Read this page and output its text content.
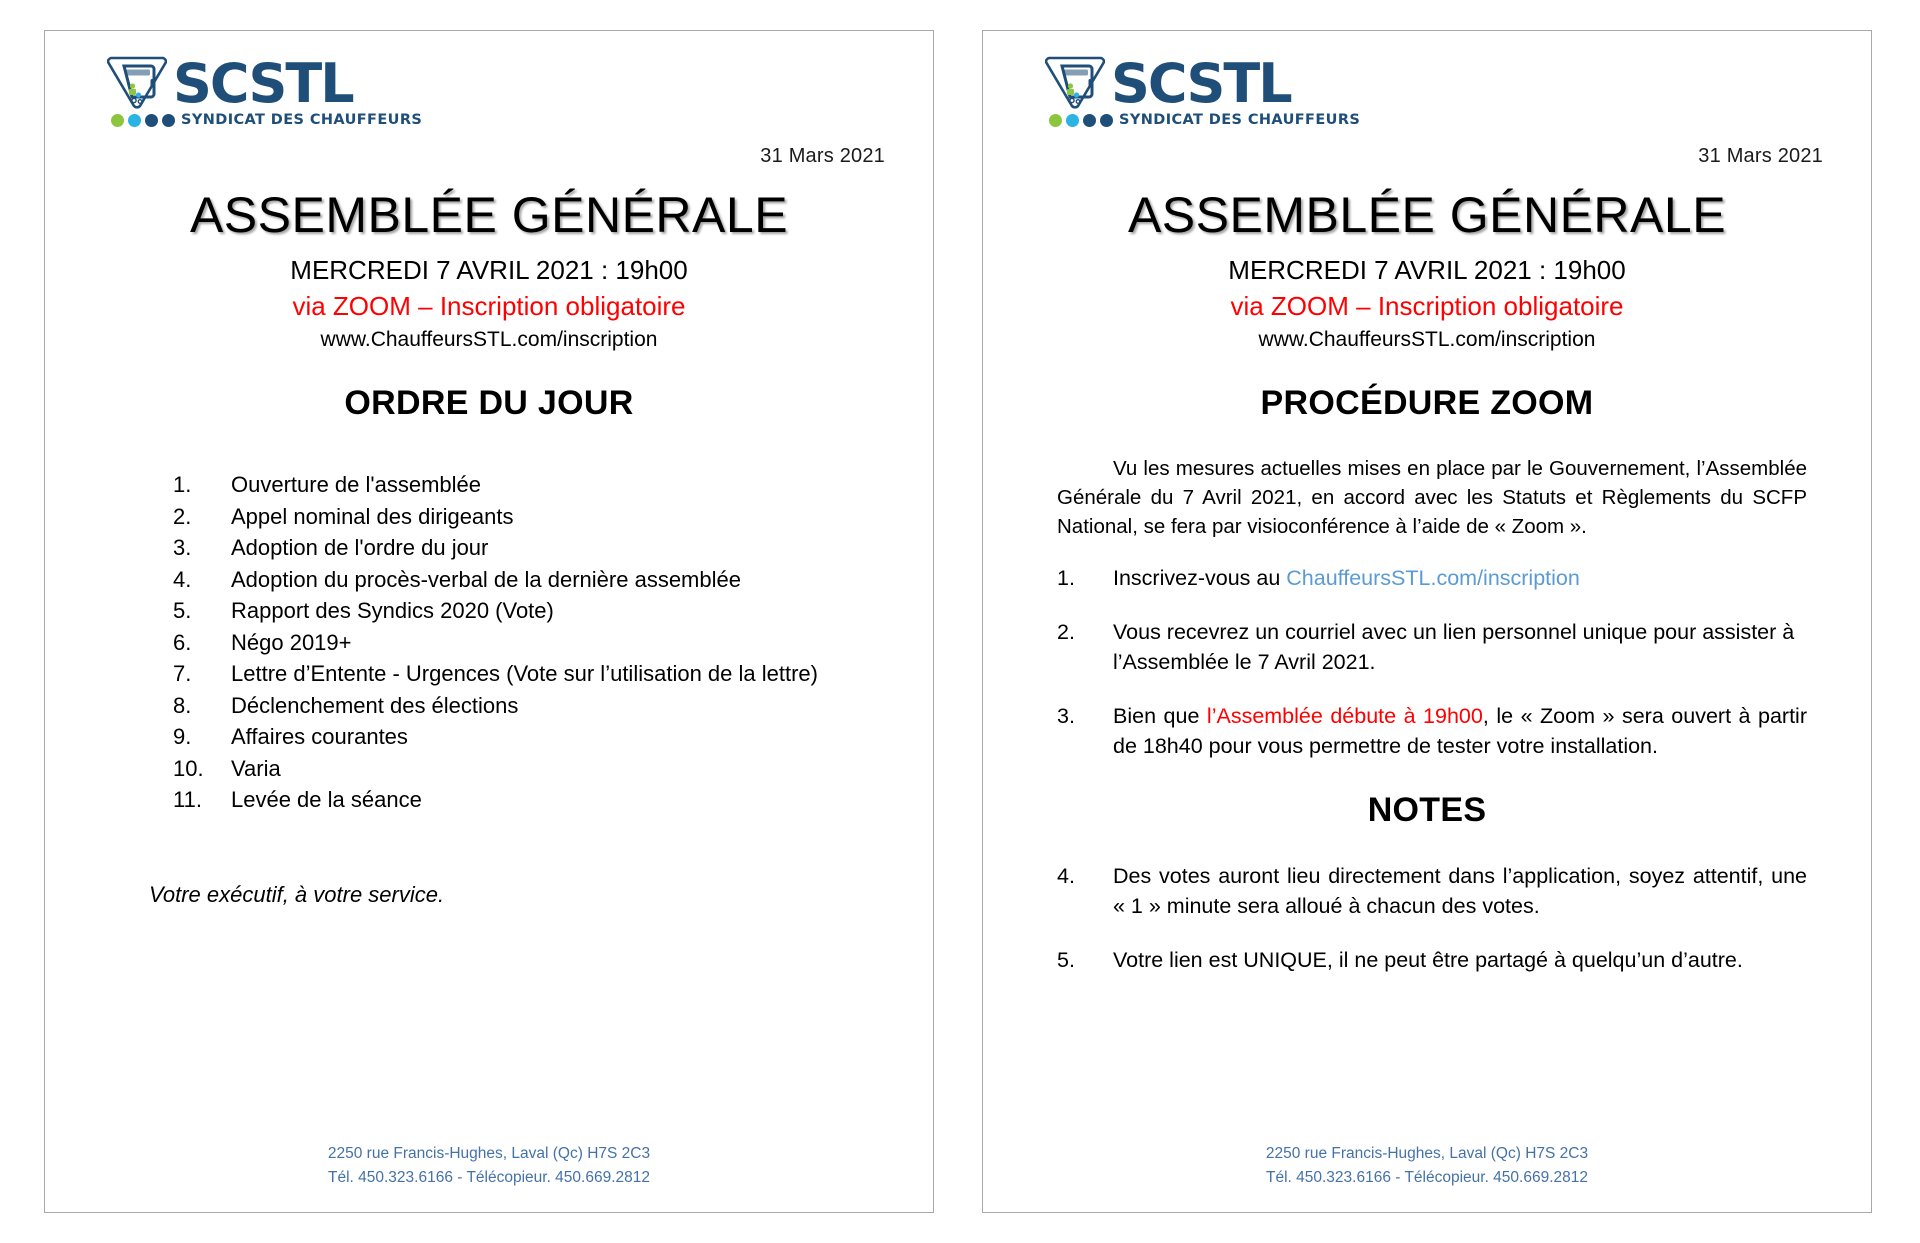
SCSTL
SYNDICAT DES CHAUFFEURS
31 Mars 2021
ASSEMBLÉE GÉNÉRALE
MERCREDI 7 AVRIL 2021 : 19h00
via ZOOM – Inscription obligatoire
www.ChauffeursSTL.com/inscription
ORDRE DU JOUR
1.	Ouverture de l'assemblée
2.	Appel nominal des dirigeants
3.	Adoption de l'ordre du jour
4.	Adoption du procès-verbal de la dernière assemblée
5.	Rapport des Syndics 2020 (Vote)
6.	Négo 2019+
7.	Lettre d’Entente - Urgences (Vote sur l’utilisation de la lettre)
8.	Déclenchement des élections
9.	Affaires courantes
10.	Varia
11.	Levée de la séance
Votre exécutif, à votre service.
2250 rue Francis-Hughes, Laval (Qc) H7S 2C3
Tél. 450.323.6166 - Télécopieur. 450.669.2812
SCSTL
SYNDICAT DES CHAUFFEURS
31 Mars 2021
ASSEMBLÉE GÉNÉRALE
MERCREDI 7 AVRIL 2021 : 19h00
via ZOOM – Inscription obligatoire
www.ChauffeursSTL.com/inscription
PROCÉDURE ZOOM

Vu les mesures actuelles mises en place par le Gouvernement, l’Assemblée Générale du 7 Avril 2021, en accord avec les Statuts et Règlements du SCFP National, se fera par visioconférence à l’aide de « Zoom ».

1.	Inscrivez-vous au ChauffeursSTL.com/inscription
2.	Vous recevrez un courriel avec un lien personnel unique pour assister à l’Assemblée le 7 Avril 2021.
3.	Bien que l’Assemblée débute à 19h00, le « Zoom » sera ouvert à partir de 18h40 pour vous permettre de tester votre installation.
NOTES
4.	Des votes auront lieu directement dans l’application, soyez attentif, une « 1 » minute sera alloué à chacun des votes.
5.	Votre lien est UNIQUE, il ne peut être partagé à quelqu’un d’autre.
2250 rue Francis-Hughes, Laval (Qc) H7S 2C3
Tél. 450.323.6166 - Télécopieur. 450.669.2812
